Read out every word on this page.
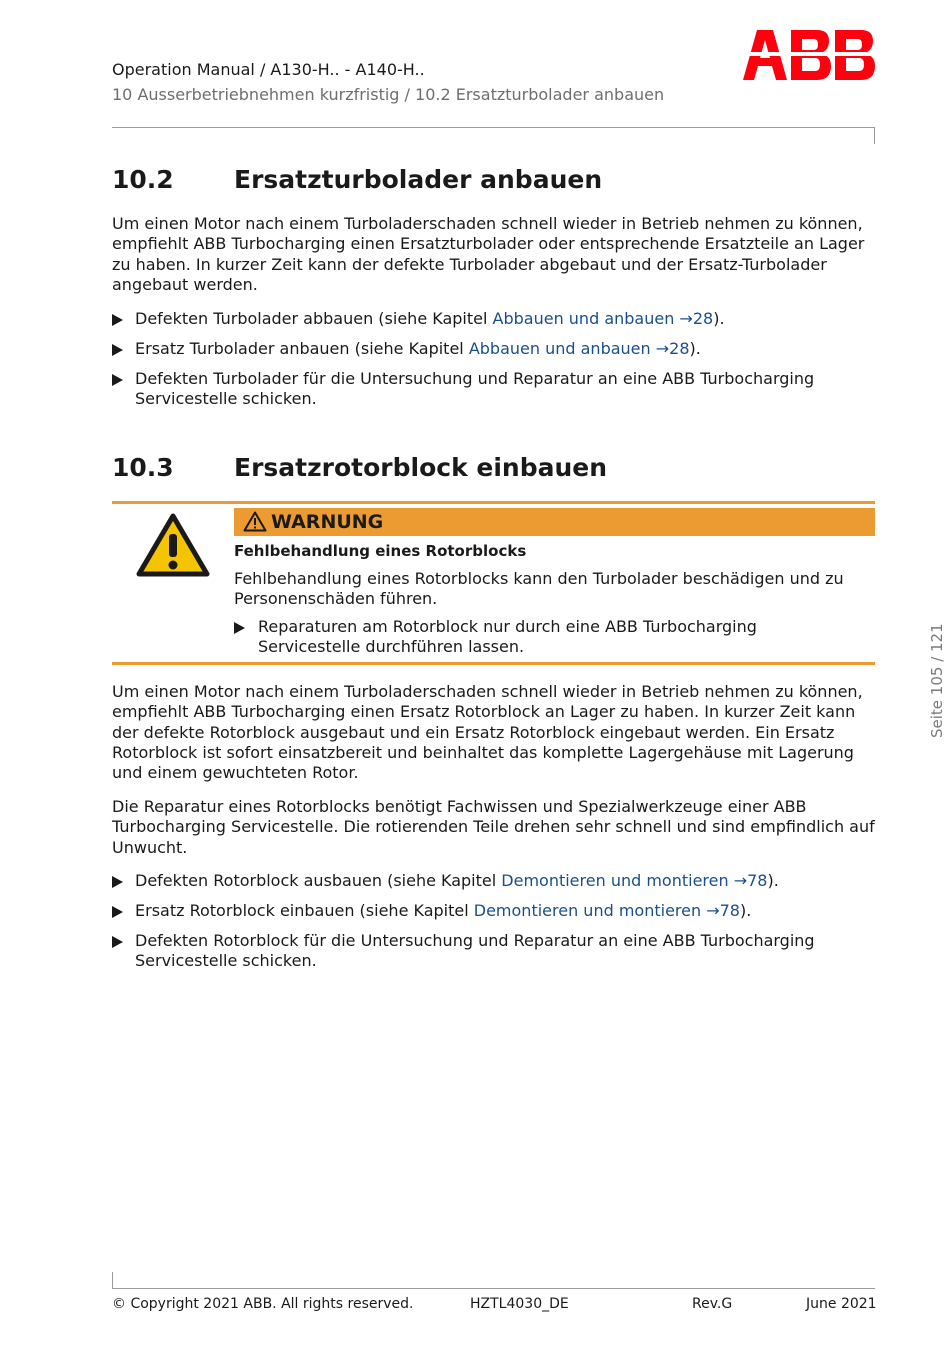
Operation Manual / A130-H.. - A140-H..
10 Ausserbetriebnehmen kurzfristig / 10.2 Ersatzturbolader anbauen
10.2 Ersatzturbolader anbauen
Um einen Motor nach einem Turboladerschaden schnell wieder in Betrieb nehmen zu können, empfiehlt ABB Turbocharging einen Ersatzturbolader oder entsprechende Ersatzteile an Lager zu haben. In kurzer Zeit kann der defekte Turbolader abgebaut und der Ersatz-Turbolader angebaut werden.
Defekten Turbolader abbauen (siehe Kapitel Abbauen und anbauen →28).
Ersatz Turbolader anbauen (siehe Kapitel Abbauen und anbauen →28).
Defekten Turbolader für die Untersuchung und Reparatur an eine ABB Turbocharging Servicestelle schicken.
10.3 Ersatzrotorblock einbauen
WARNUNG
Fehlbehandlung eines Rotorblocks
Fehlbehandlung eines Rotorblocks kann den Turbolader beschädigen und zu Personenschäden führen.
Reparaturen am Rotorblock nur durch eine ABB Turbocharging Servicestelle durchführen lassen.
Um einen Motor nach einem Turboladerschaden schnell wieder in Betrieb nehmen zu können, empfiehlt ABB Turbocharging einen Ersatz Rotorblock an Lager zu haben. In kurzer Zeit kann der defekte Rotorblock ausgebaut und ein Ersatz Rotorblock eingebaut werden. Ein Ersatz Rotorblock ist sofort einsatzbereit und beinhaltet das komplette Lagergehäuse mit Lagerung und einem gewuchteten Rotor.
Die Reparatur eines Rotorblocks benötigt Fachwissen und Spezialwerkzeuge einer ABB Turbocharging Servicestelle. Die rotierenden Teile drehen sehr schnell und sind empfindlich auf Unwucht.
Defekten Rotorblock ausbauen (siehe Kapitel Demontieren und montieren →78).
Ersatz Rotorblock einbauen (siehe Kapitel Demontieren und montieren →78).
Defekten Rotorblock für die Untersuchung und Reparatur an eine ABB Turbocharging Servicestelle schicken.
Seite 105 / 121
© Copyright 2021 ABB. All rights reserved.	HZTL4030_DE	Rev.G	June 2021
